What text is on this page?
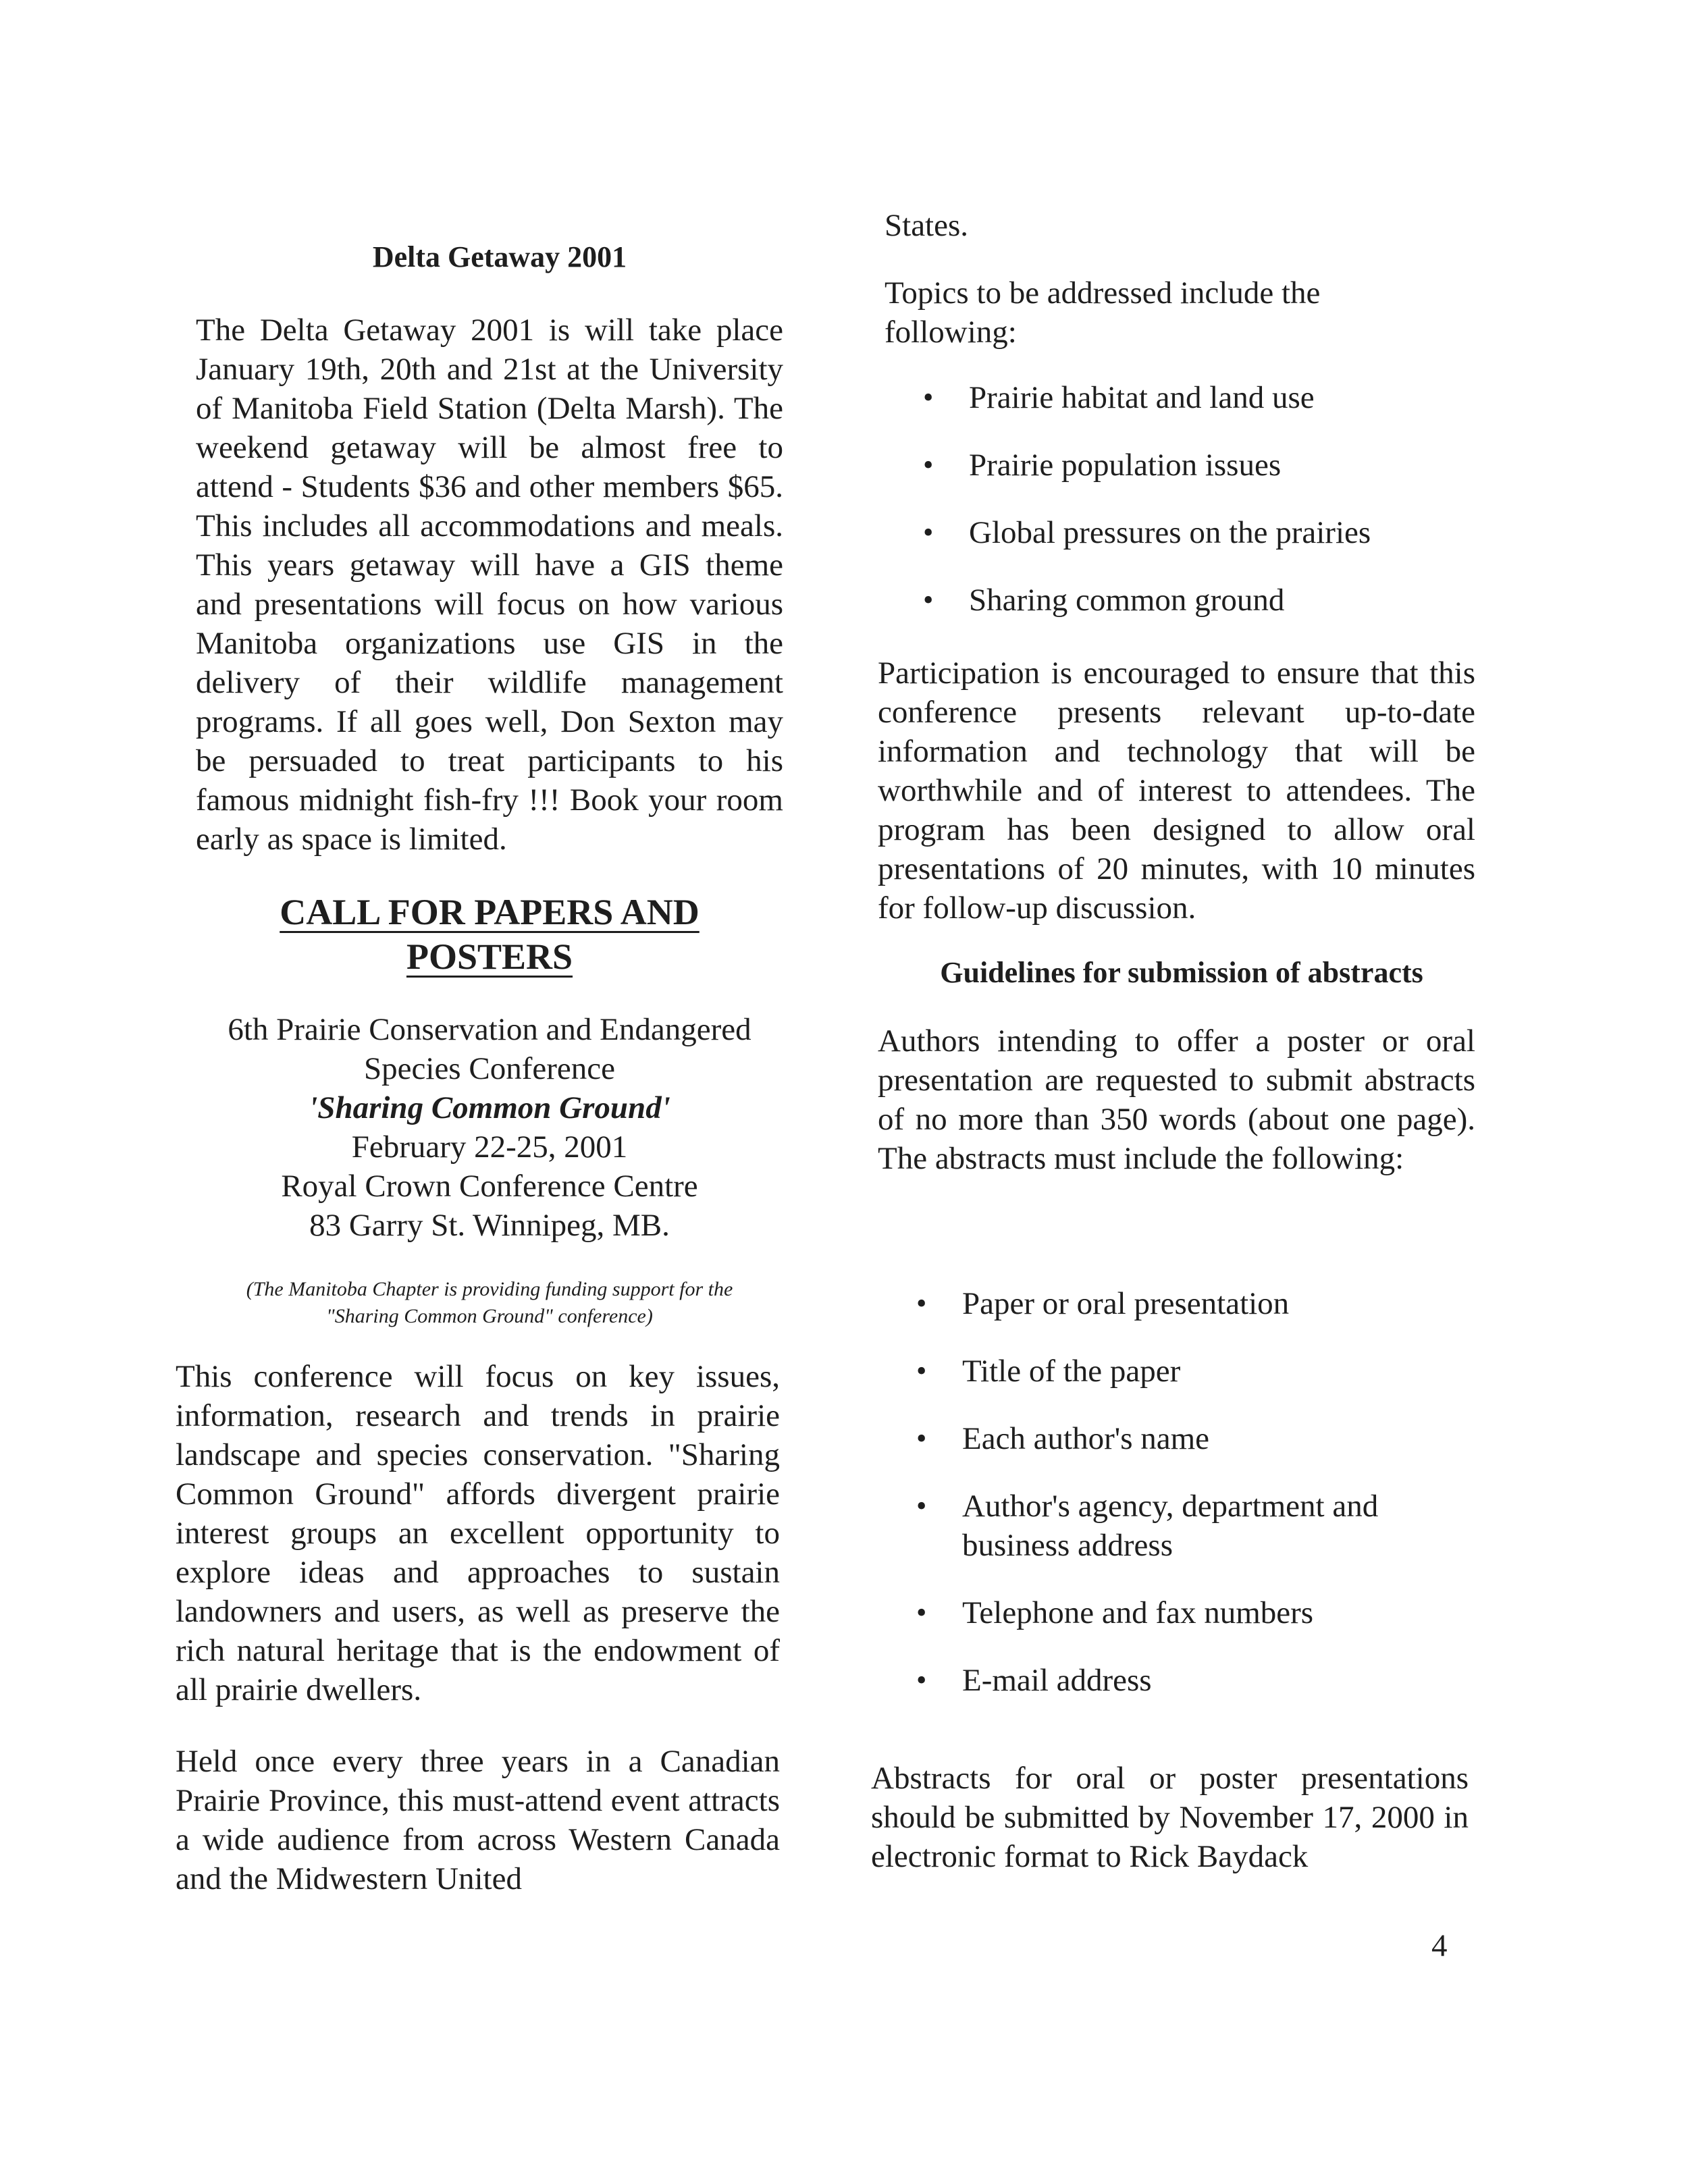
Delta Getaway 2001

The Delta Getaway 2001 is will take place January 19th, 20th and 21st at the University of Manitoba Field Station (Delta Marsh). The weekend getaway will be almost free to attend - Students $36 and other members $65. This includes all accommodations and meals. This years getaway will have a GIS theme and presentations will focus on how various Manitoba organizations use GIS in the delivery of their wildlife management programs. If all goes well, Don Sexton may be persuaded to treat participants to his famous midnight fish-fry !!! Book your room early as space is limited.

CALL FOR PAPERS AND
POSTERS
6th Prairie Conservation and Endangered
Species Conference
'Sharing Common Ground'
February 22-25, 2001
Royal Crown Conference Centre
83 Garry St. Winnipeg, MB.
(The Manitoba Chapter is providing funding support for the
"Sharing Common Ground" conference)

This conference will focus on key issues, information, research and trends in prairie landscape and species conservation. "Sharing Common Ground" affords divergent prairie interest groups an excellent opportunity to explore ideas and approaches to sustain landowners and users, as well as preserve the rich natural heritage that is the endowment of all prairie dwellers.

Held once every three years in a Canadian Prairie Province, this must-attend event attracts a wide audience from across Western Canada and the Midwestern United

States.

Topics to be addressed include the following:

• Prairie habitat and land use
• Prairie population issues
• Global pressures on the prairies
• Sharing common ground

Participation is encouraged to ensure that this conference presents relevant up-to-date information and technology that will be worthwhile and of interest to attendees. The program has been designed to allow oral presentations of 20 minutes, with 10 minutes for follow-up discussion.

Guidelines for submission of abstracts

Authors intending to offer a poster or oral presentation are requested to submit abstracts of no more than 350 words (about one page). The abstracts must include the following:

• Paper or oral presentation
• Title of the paper
• Each author's name
• Author's agency, department and business address
• Telephone and fax numbers
• E-mail address

Abstracts for oral or poster presentations should be submitted by November 17, 2000 in electronic format to Rick Baydack

4
